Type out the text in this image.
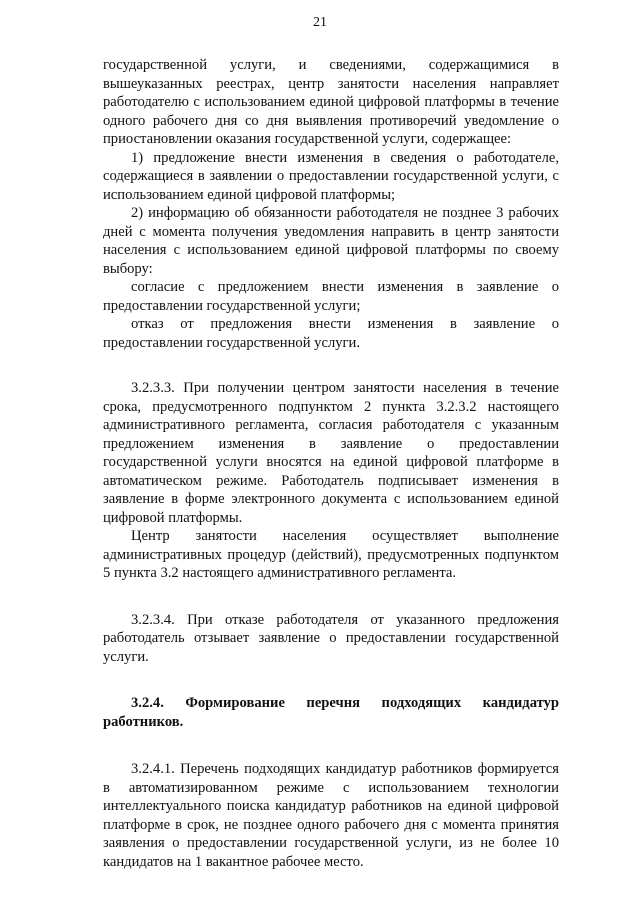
21

государственной услуги, и сведениями, содержащимися в вышеуказанных реестрах, центр занятости населения направляет работодателю с использованием единой цифровой платформы в течение одного рабочего дня со дня выявления противоречий уведомление о приостановлении оказания государственной услуги, содержащее:

1) предложение внести изменения в сведения о работодателе, содержащиеся в заявлении о предоставлении государственной услуги, с использованием единой цифровой платформы;

2) информацию об обязанности работодателя не позднее 3 рабочих дней с момента получения уведомления направить в центр занятости населения с использованием единой цифровой платформы по своему выбору:

согласие с предложением внести изменения в заявление о предоставлении государственной услуги;

отказ от предложения внести изменения в заявление о предоставлении государственной услуги.

3.2.3.3. При получении центром занятости населения в течение срока, предусмотренного подпунктом 2 пункта 3.2.3.2 настоящего административного регламента, согласия работодателя с указанным предложением изменения в заявление о предоставлении государственной услуги вносятся на единой цифровой платформе в автоматическом режиме. Работодатель подписывает изменения в заявление в форме электронного документа с использованием единой цифровой платформы.

Центр занятости населения осуществляет выполнение административных процедур (действий), предусмотренных подпунктом 5 пункта 3.2 настоящего административного регламента.

3.2.3.4. При отказе работодателя от указанного предложения работодатель отзывает заявление о предоставлении государственной услуги.

3.2.4. Формирование перечня подходящих кандидатур работников.

3.2.4.1. Перечень подходящих кандидатур работников формируется в автоматизированном режиме с использованием технологии интеллектуального поиска кандидатур работников на единой цифровой платформе в срок, не позднее одного рабочего дня с момента принятия заявления о предоставлении государственной услуги, из не более 10 кандидатов на 1 вакантное рабочее место.
